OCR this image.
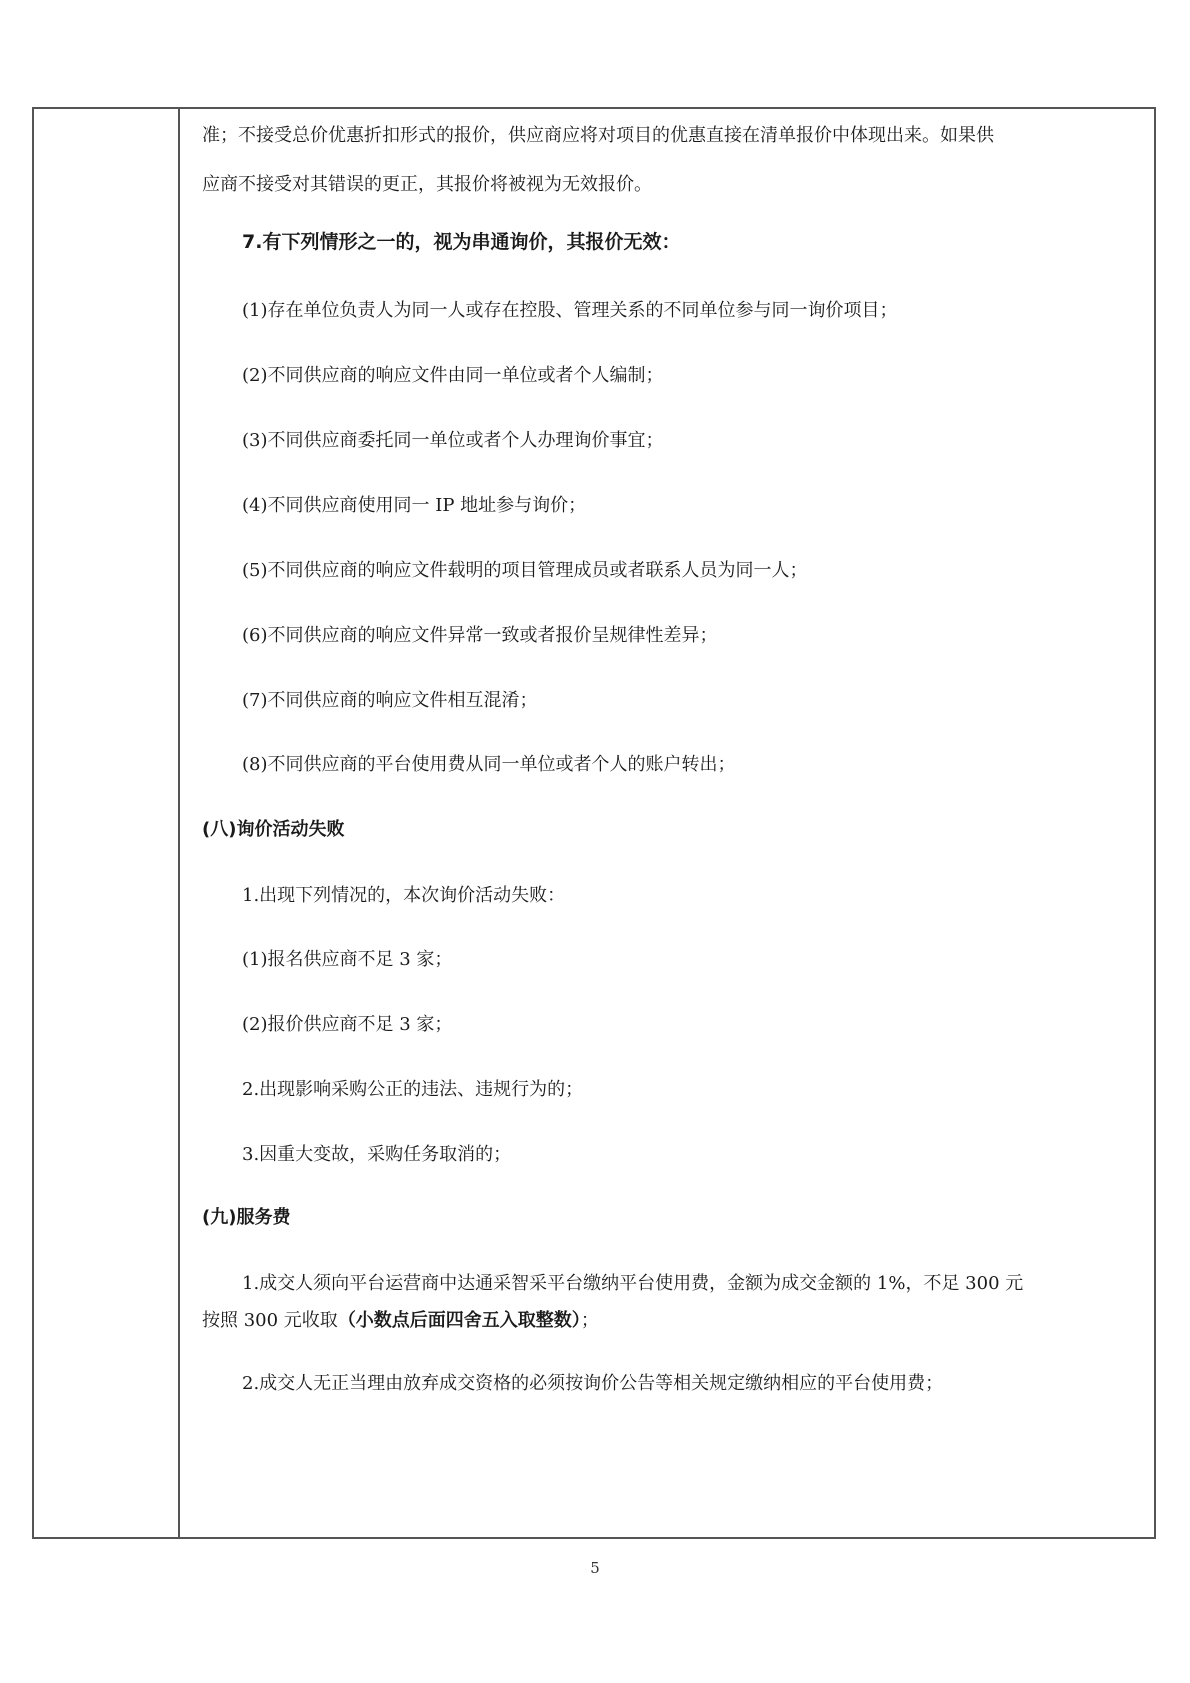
准；不接受总价优惠折扣形式的报价，供应商应将对项目的优惠直接在清单报价中体现出来。如果供
应商不接受对其错误的更正，其报价将被视为无效报价。
7.有下列情形之一的，视为串通询价，其报价无效：
(1)存在单位负责人为同一人或存在控股、管理关系的不同单位参与同一询价项目；
(2)不同供应商的响应文件由同一单位或者个人编制；
(3)不同供应商委托同一单位或者个人办理询价事宜；
(4)不同供应商使用同一 IP 地址参与询价；
(5)不同供应商的响应文件载明的项目管理成员或者联系人员为同一人；
(6)不同供应商的响应文件异常一致或者报价呈规律性差异；
(7)不同供应商的响应文件相互混淆；
(8)不同供应商的平台使用费从同一单位或者个人的账户转出；
(八)询价活动失败
1.出现下列情况的，本次询价活动失败：
(1)报名供应商不足 3 家；
(2)报价供应商不足 3 家；
2.出现影响采购公正的违法、违规行为的；
3.因重大变故，采购任务取消的；
(九)服务费
1.成交人须向平台运营商中达通采智采平台缴纳平台使用费，金额为成交金额的 1%，不足 300 元
按照 300 元收取（小数点后面四舍五入取整数）；
2.成交人无正当理由放弃成交资格的必须按询价公告等相关规定缴纳相应的平台使用费；
5
